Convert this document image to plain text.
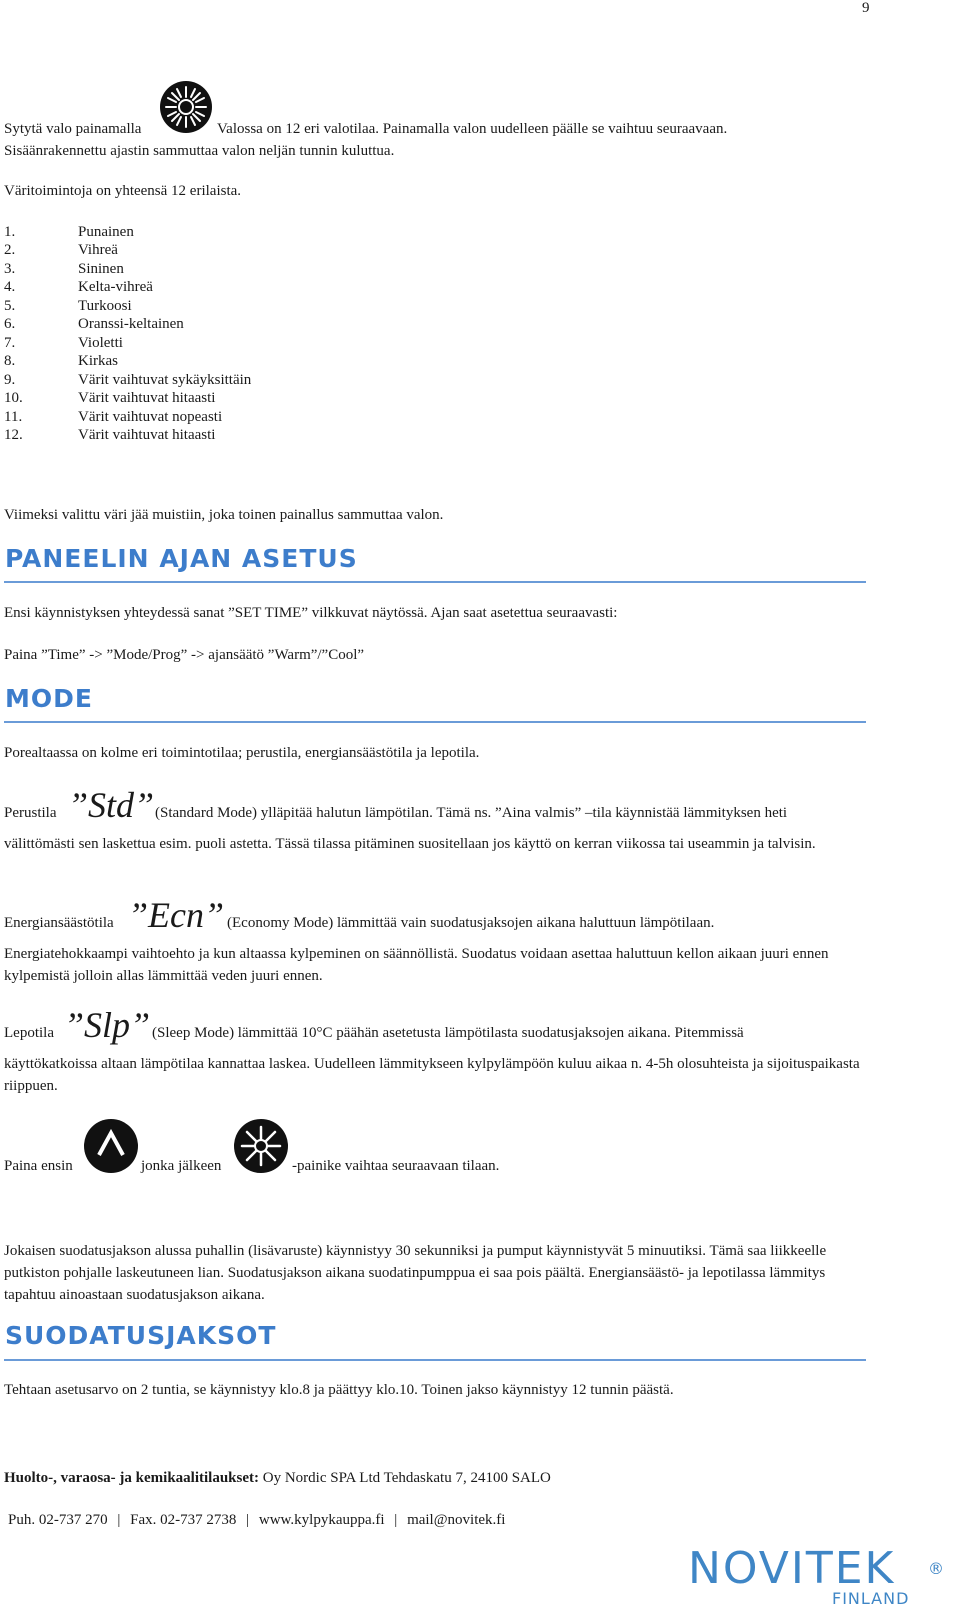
9
Sytytä valo painamalla	Valossa on 12 eri valotilaa. Painamalla valon uudelleen päälle se vaihtuu seuraavaan.
Sisäänrakennettu ajastin sammuttaa valon neljän tunnin kuluttua.
Väritoimintoja on yhteensä 12 erilaista.
1.	Punainen
2.	Vihreä
3.	Sininen
4.	Kelta-vihreä
5.	Turkoosi
6.	Oranssi-keltainen
7.	Violetti
8.	Kirkas
9.	Värit vaihtuvat sykäyksittäin
10.	Värit vaihtuvat hitaasti
11.	Värit vaihtuvat nopeasti
12.	Värit vaihtuvat hitaasti
Viimeksi valittu väri jää muistiin, joka toinen painallus sammuttaa valon.
PANEELIN AJAN ASETUS
Ensi käynnistyksen yhteydessä sanat ”SET TIME” vilkkuvat näytössä. Ajan saat asetettua seuraavasti:
Paina ”Time” -> ”Mode/Prog” -> ajansäätö ”Warm”/”Cool”
MODE
Porealtaassa on kolme eri toimintotilaa; perustila, energiansäästötila ja lepotila.
Perustila ”Std” (Standard Mode) ylläpitää halutun lämpötilan. Tämä ns. ”Aina valmis” –tila käynnistää lämmityksen heti
välittömästi sen laskettua esim. puoli astetta. Tässä tilassa pitäminen suositellaan jos käyttö on kerran viikossa tai useammin ja talvisin.
Energiansäästötila ”Ecn” (Economy Mode) lämmittää vain suodatusjaksojen aikana haluttuun lämpötilaan.
Energiatehokkaampi vaihtoehto ja kun altaassa kylpeminen on säännöllistä. Suodatus voidaan asettaa haluttuun kellon aikaan juuri ennen kylpemistä jolloin allas lämmittää veden juuri ennen.
Lepotila ”Slp” (Sleep Mode) lämmittää 10°C päähän asetetusta lämpötilasta suodatusjaksojen aikana. Pitemmissä
käyttökatkoissa altaan lämpötilaa kannattaa laskea. Uudelleen lämmitykseen kylpylämpöön kuluu aikaa n. 4-5h olosuhteista ja sijoituspaikasta riippuen.
Paina ensin	jonka jälkeen	-painike vaihtaa seuraavaan tilaan.
Jokaisen suodatusjakson alussa puhallin (lisävaruste) käynnistyy 30 sekunniksi ja pumput käynnistyvät 5 minuutiksi. Tämä saa liikkeelle putkiston pohjalle laskeutuneen lian. Suodatusjakson aikana suodatinpumppua ei saa pois päältä. Energiansäästö- ja lepotilassa lämmitys tapahtuu ainoastaan suodatusjakson aikana.
SUODATUSJAKSOT
Tehtaan asetusarvo on 2 tuntia, se käynnistyy klo.8 ja päättyy klo.10. Toinen jakso käynnistyy 12 tunnin päästä.
Huolto-, varaosa- ja kemikaalitilaukset: Oy Nordic SPA Ltd Tehdaskatu 7, 24100 SALO
Puh. 02-737 270 | Fax. 02-737 2738 | www.kylpykauppa.fi | mail@novitek.fi
NOVITEK ®
FINLAND
